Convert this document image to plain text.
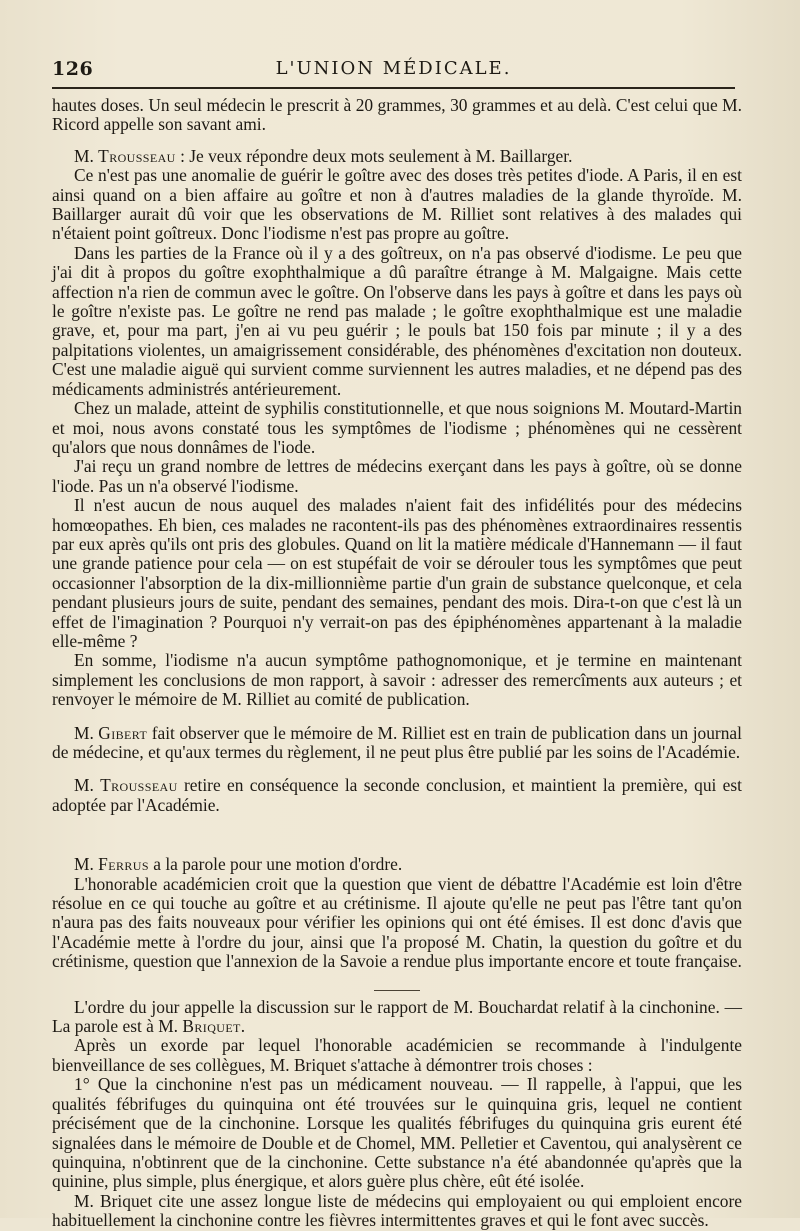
126	L'UNION MÉDICALE.

hautes doses. Un seul médecin le prescrit à 20 grammes, 30 grammes et au delà. C'est celui que M. Ricord appelle son savant ami.

M. Trousseau : Je veux répondre deux mots seulement à M. Baillarger.

Ce n'est pas une anomalie de guérir le goître avec des doses très petites d'iode. A Paris, il en est ainsi quand on a bien affaire au goître et non à d'autres maladies de la glande thyroïde. M. Baillarger aurait dû voir que les observations de M. Rilliet sont relatives à des malades qui n'étaient point goîtreux. Donc l'iodisme n'est pas propre au goître.

Dans les parties de la France où il y a des goîtreux, on n'a pas observé d'iodisme. Le peu que j'ai dit à propos du goître exophthalmique a dû paraître étrange à M. Malgaigne. Mais cette affection n'a rien de commun avec le goître. On l'observe dans les pays à goître et dans les pays où le goître n'existe pas. Le goître ne rend pas malade ; le goître exophthalmique est une maladie grave, et, pour ma part, j'en ai vu peu guérir ; le pouls bat 150 fois par minute ; il y a des palpitations violentes, un amaigrissement considérable, des phénomènes d'excitation non douteux. C'est une maladie aiguë qui survient comme surviennent les autres maladies, et ne dépend pas des médicaments administrés antérieurement.

Chez un malade, atteint de syphilis constitutionnelle, et que nous soignions M. Moutard-Martin et moi, nous avons constaté tous les symptômes de l'iodisme ; phénomènes qui ne cessèrent qu'alors que nous donnâmes de l'iode.

J'ai reçu un grand nombre de lettres de médecins exerçant dans les pays à goître, où se donne l'iode. Pas un n'a observé l'iodisme.

Il n'est aucun de nous auquel des malades n'aient fait des infidélités pour des médecins homœopathes. Eh bien, ces malades ne racontent-ils pas des phénomènes extraordinaires ressentis par eux après qu'ils ont pris des globules. Quand on lit la matière médicale d'Hannemann — il faut une grande patience pour cela — on est stupéfait de voir se dérouler tous les symptômes que peut occasionner l'absorption de la dix-millionnième partie d'un grain de substance quelconque, et cela pendant plusieurs jours de suite, pendant des semaines, pendant des mois. Dira-t-on que c'est là un effet de l'imagination ? Pourquoi n'y verrait-on pas des épiphénomènes appartenant à la maladie elle-même ?

En somme, l'iodisme n'a aucun symptôme pathognomonique, et je termine en maintenant simplement les conclusions de mon rapport, à savoir : adresser des remercîments aux auteurs ; et renvoyer le mémoire de M. Rilliet au comité de publication.

M. Gibert fait observer que le mémoire de M. Rilliet est en train de publication dans un journal de médecine, et qu'aux termes du règlement, il ne peut plus être publié par les soins de l'Académie.

M. Trousseau retire en conséquence la seconde conclusion, et maintient la première, qui est adoptée par l'Académie.

M. Ferrus a la parole pour une motion d'ordre.

L'honorable académicien croit que la question que vient de débattre l'Académie est loin d'être résolue en ce qui touche au goître et au crétinisme. Il ajoute qu'elle ne peut pas l'être tant qu'on n'aura pas des faits nouveaux pour vérifier les opinions qui ont été émises. Il est donc d'avis que l'Académie mette à l'ordre du jour, ainsi que l'a proposé M. Chatin, la question du goître et du crétinisme, question que l'annexion de la Savoie a rendue plus importante encore et toute française.

L'ordre du jour appelle la discussion sur le rapport de M. Bouchardat relatif à la cinchonine. — La parole est à M. Briquet.

Après un exorde par lequel l'honorable académicien se recommande à l'indulgente bienveillance de ses collègues, M. Briquet s'attache à démontrer trois choses :

1° Que la cinchonine n'est pas un médicament nouveau. — Il rappelle, à l'appui, que les qualités fébrifuges du quinquina ont été trouvées sur le quinquina gris, lequel ne contient précisément que de la cinchonine. Lorsque les qualités fébrifuges du quinquina gris eurent été signalées dans le mémoire de Double et de Chomel, MM. Pelletier et Caventou, qui analysèrent ce quinquina, n'obtinrent que de la cinchonine. Cette substance n'a été abandonnée qu'après que la quinine, plus simple, plus énergique, et alors guère plus chère, eût été isolée.

M. Briquet cite une assez longue liste de médecins qui employaient ou qui emploient encore habituellement la cinchonine contre les fièvres intermittentes graves et qui le font avec succès.
